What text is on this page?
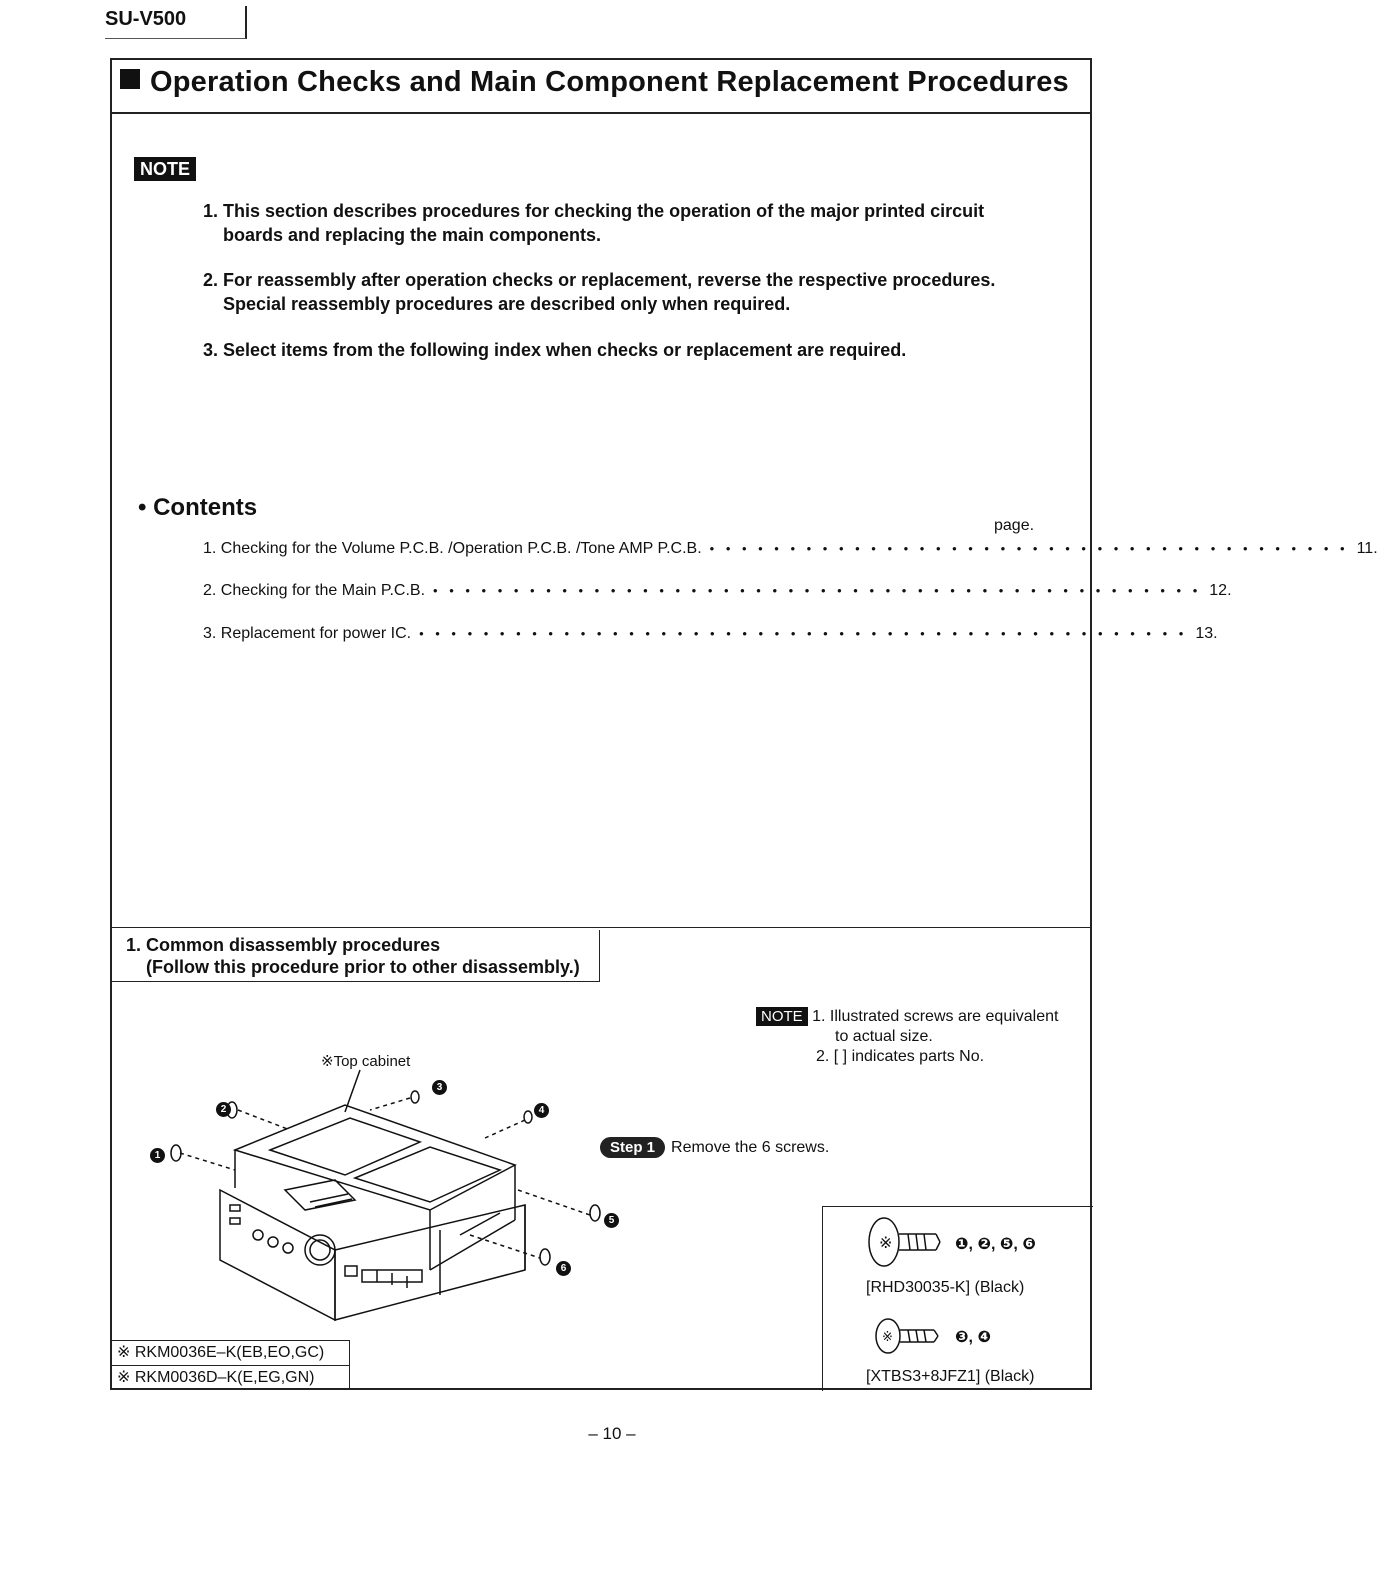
SU-V500
Operation Checks and Main Component Replacement Procedures
NOTE
1. This section describes procedures for checking the operation of the major printed circuit
boards and replacing the main components.
2. For reassembly after operation checks or replacement, reverse the respective procedures.
Special reassembly procedures are described only when required.
3. Select items from the following index when checks or replacement are required.
• Contents
page.
1. Checking for the Volume P.C.B. /Operation P.C.B. /Tone AMP P.C.B. • • • • • • • • • • • • • • • • • • • • • • • • • • • • • • • • • • • • • • • • 11.
2. Checking for the Main P.C.B. • • • • • • • • • • • • • • • • • • • • • • • • • • • • • • • • • • • • • • • • • • • • • • • • 12.
3. Replacement for power IC. • • • • • • • • • • • • • • • • • • • • • • • • • • • • • • • • • • • • • • • • • • • • • • • • 13.
1. Common disassembly procedures
(Follow this procedure prior to other disassembly.)
NOTE 1. Illustrated screws are equivalent
to actual size.
2. [ ] indicates parts No.
※Top cabinet
1
2
3
4
5
6
Step 1 Remove the 6 screws.
※	❶, ❷, ❺, ❻
[RHD30035-K] (Black)
※	❸, ❹
[XTBS3+8JFZ1] (Black)
※ RKM0036E–K(EB,EO,GC)
※ RKM0036D–K(E,EG,GN)
– 10 –
